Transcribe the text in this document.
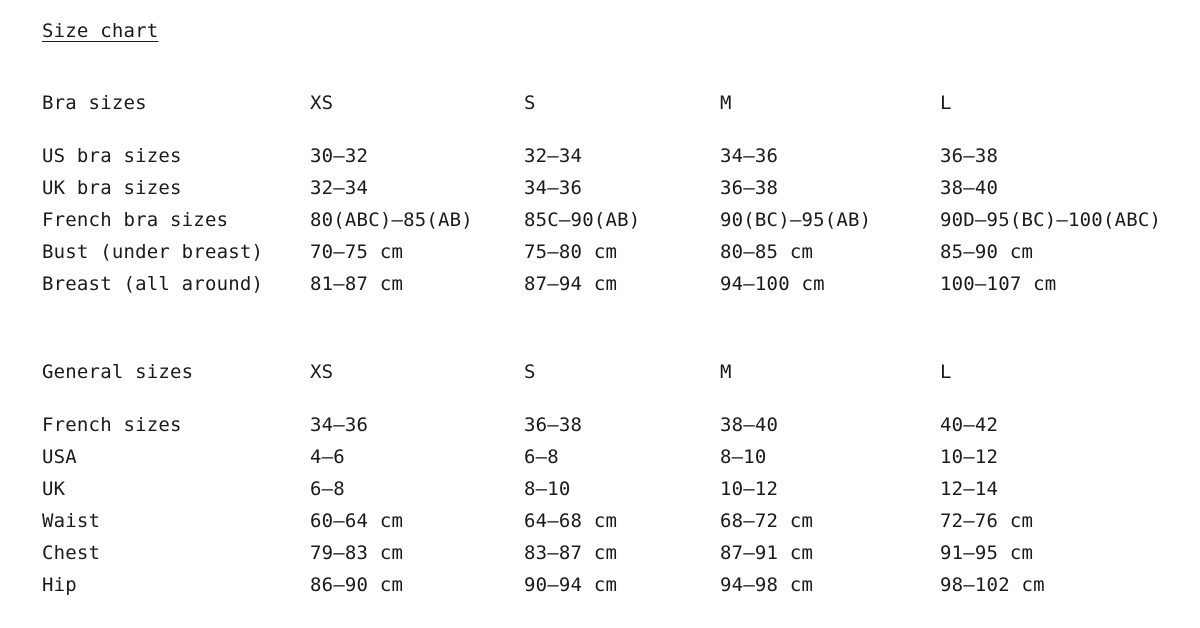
Size chart
Bra sizes	XS	S	M	L
US bra sizes	30–32	32–34	34–36	36–38
UK bra sizes	32–34	34–36	36–38	38–40
French bra sizes	80(ABC)–85(AB)	85C–90(AB)	90(BC)–95(AB)	90D–95(BC)–100(ABC)
Bust (under breast) 70–75 cm	75–80 cm	80–85 cm	85–90 cm
Breast (all around) 81–87 cm	87–94 cm	94–100 cm	100–107 cm
General sizes	XS	S	M	L
French sizes	34–36	36–38	38–40	40–42
USA	4–6	6–8	8–10	10–12
UK	6–8	8–10	10–12	12–14
Waist	60–64 cm	64–68 cm	68–72 cm	72–76 cm
Chest	79–83 cm	83–87 cm	87–91 cm	91–95 cm
Hip	86–90 cm	90–94 cm	94–98 cm	98–102 cm
